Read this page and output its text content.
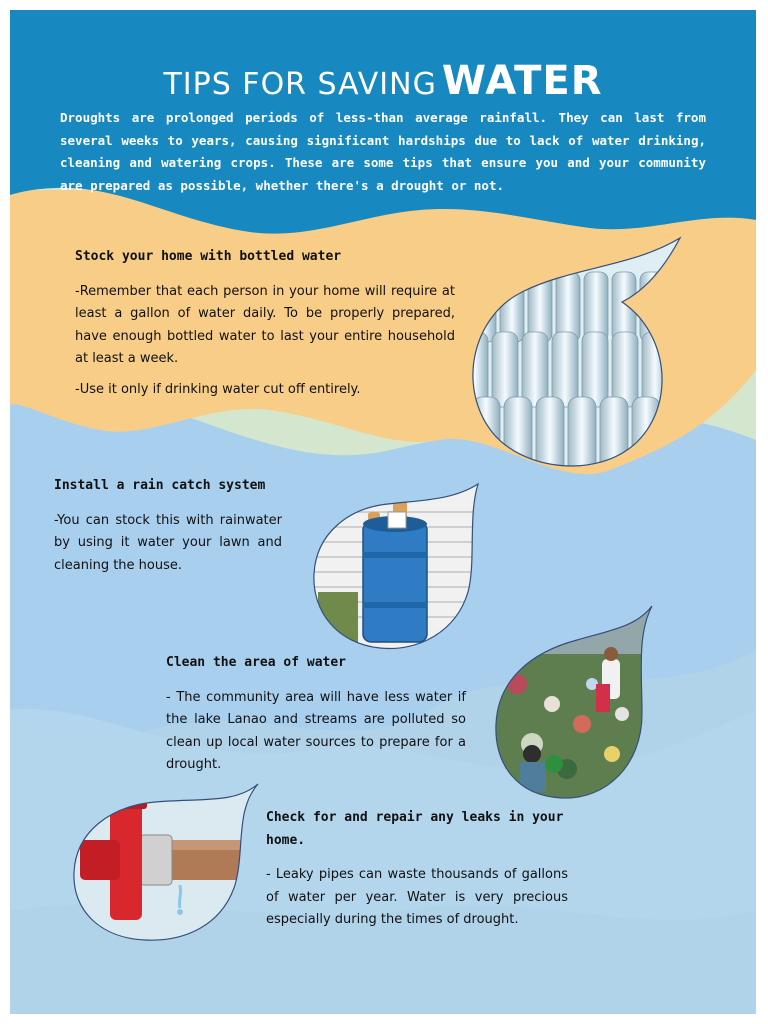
TIPS FOR SAVING WATER
Droughts are prolonged periods of less-than average rainfall. They can last from several weeks to years, causing significant hardships due to lack of water drinking, cleaning and watering crops. These are some tips that ensure you and your community are prepared as possible, whether there's a drought or not.
Stock your home with bottled water

-Remember that each person in your home will require at least a gallon of water daily. To be properly prepared, have enough bottled water to last your entire household at least a week.

-Use it only if drinking water cut off entirely.

Install a rain catch system

-You can stock this with rainwater by using it water your lawn and cleaning the house.

Clean the area of water

- The community area will have less water if the lake Lanao and streams are polluted so clean up local water sources to prepare for a drought.

Check for and repair any leaks in your home.

- Leaky pipes can waste thousands of gallons of water per year. Water is very precious especially during the times of drought.
